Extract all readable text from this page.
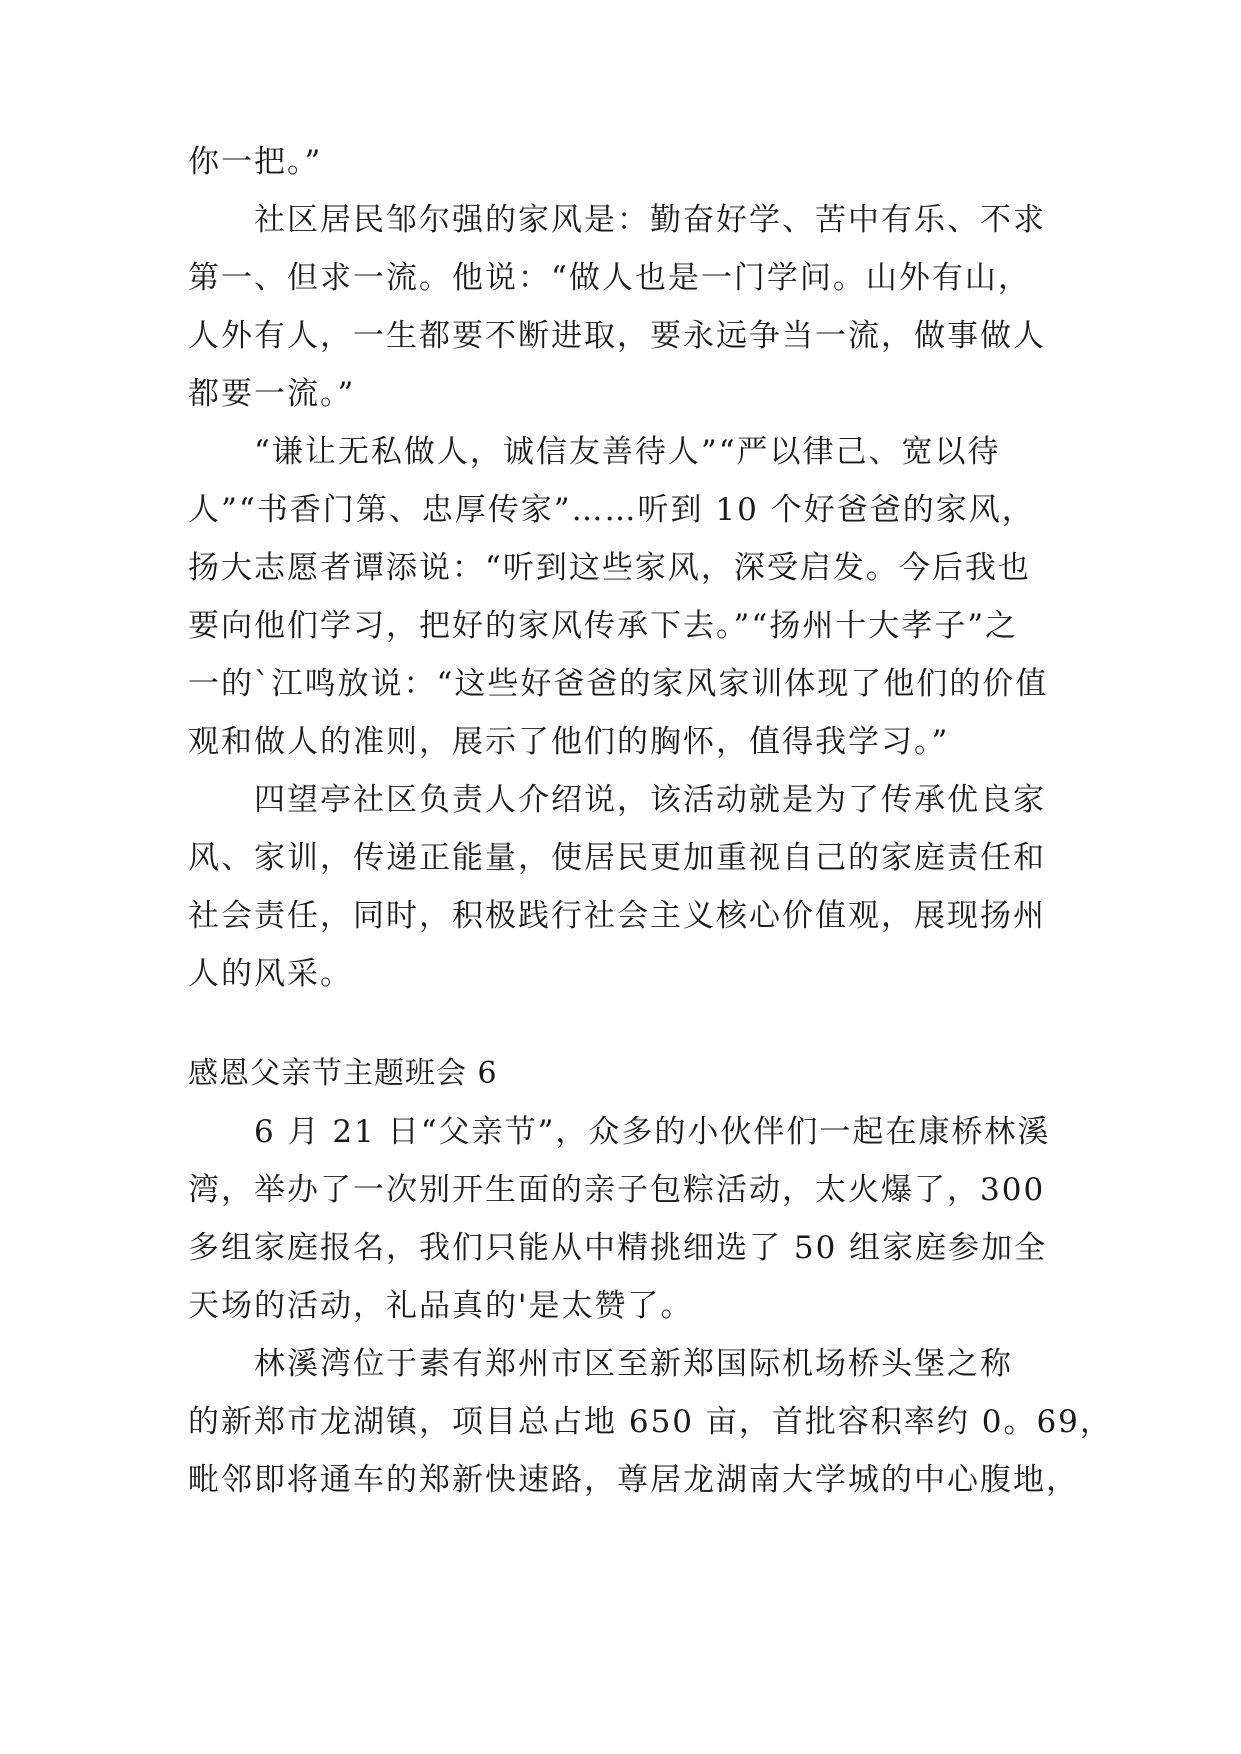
你一把。”
社区居民邹尔强的家风是：勤奋好学、苦中有乐、不求
第一、但求一流。他说：“做人也是一门学问。山外有山，
人外有人，一生都要不断进取，要永远争当一流，做事做人
都要一流。”
“谦让无私做人，诚信友善待人”“严以律己、宽以待
人”“书香门第、忠厚传家”……听到 10 个好爸爸的家风，
扬大志愿者谭添说：“听到这些家风，深受启发。今后我也
要向他们学习，把好的家风传承下去。”“扬州十大孝子”之
一的`江鸣放说：“这些好爸爸的家风家训体现了他们的价值
观和做人的准则，展示了他们的胸怀，值得我学习。”
四望亭社区负责人介绍说，该活动就是为了传承优良家
风、家训，传递正能量，使居民更加重视自己的家庭责任和
社会责任，同时，积极践行社会主义核心价值观，展现扬州
人的风采。
感恩父亲节主题班会 6
6 月 21 日“父亲节”，众多的小伙伴们一起在康桥林溪
湾，举办了一次别开生面的亲子包粽活动，太火爆了，300
多组家庭报名，我们只能从中精挑细选了 50 组家庭参加全
天场的活动，礼品真的'是太赞了。
林溪湾位于素有郑州市区至新郑国际机场桥头堡之称
的新郑市龙湖镇，项目总占地 650 亩，首批容积率约 0。69，
毗邻即将通车的郑新快速路，尊居龙湖南大学城的中心腹地，
